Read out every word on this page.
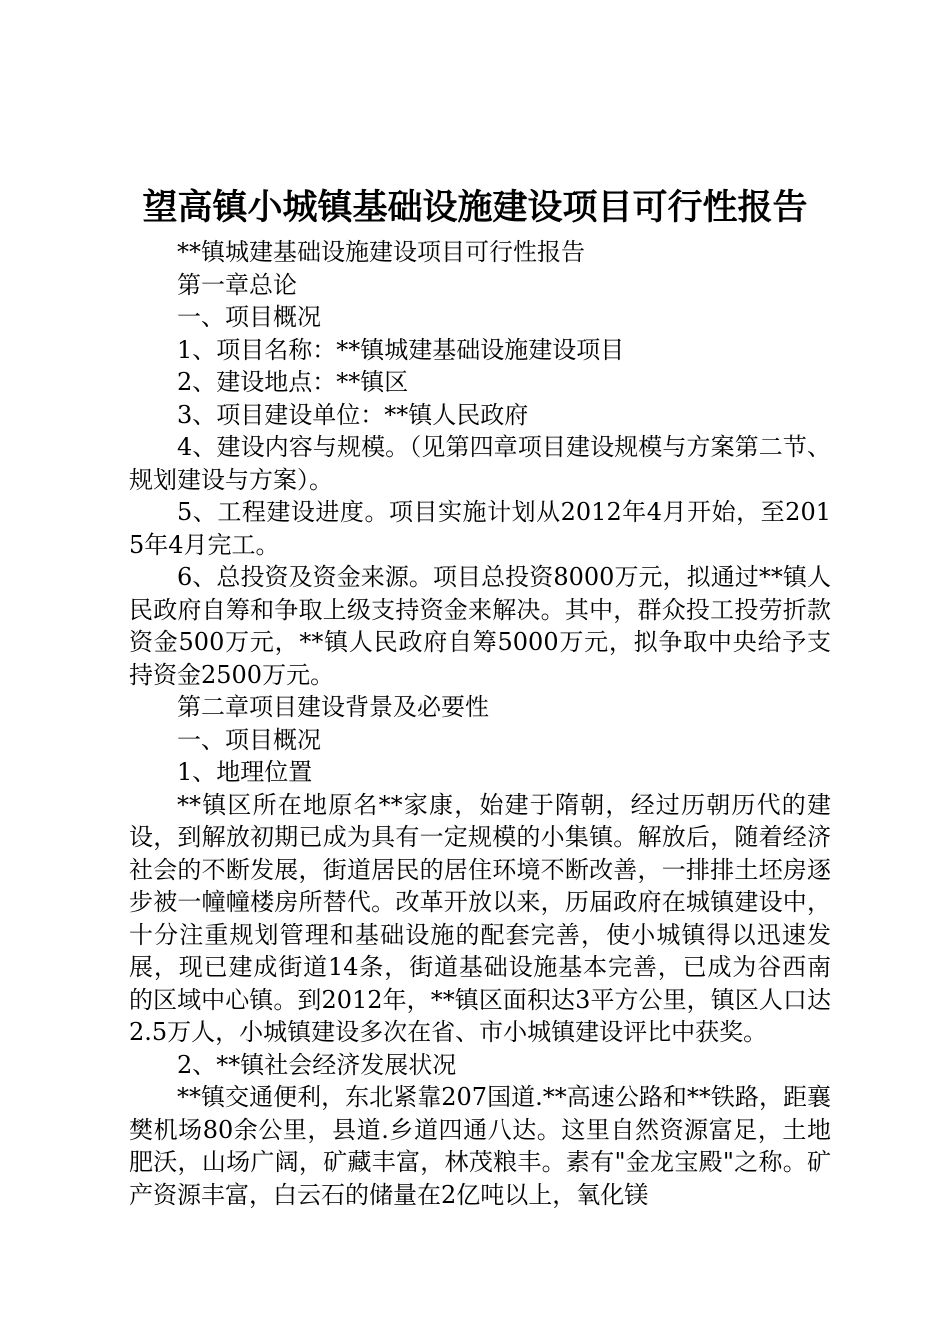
望高镇小城镇基础设施建设项目可行性报告

**镇城建基础设施建设项目可行性报告

第一章总论

一、项目概况

1、项目名称：**镇城建基础设施建设项目

2、建设地点：**镇区

3、项目建设单位：**镇人民政府

4、建设内容与规模。（见第四章项目建设规模与方案第二节、规划建设与方案）。

5、工程建设进度。项目实施计划从2012年4月开始，至2015年4月完工。

6、总投资及资金来源。项目总投资8000万元，拟通过**镇人民政府自筹和争取上级支持资金来解决。其中，群众投工投劳折款资金500万元，**镇人民政府自筹5000万元，拟争取中央给予支持资金2500万元。

第二章项目建设背景及必要性

一、项目概况

1、地理位置

**镇区所在地原名**家康，始建于隋朝，经过历朝历代的建设，到解放初期已成为具有一定规模的小集镇。解放后，随着经济社会的不断发展，街道居民的居住环境不断改善，一排排土坯房逐步被一幢幢楼房所替代。改革开放以来，历届政府在城镇建设中，十分注重规划管理和基础设施的配套完善，使小城镇得以迅速发展，现已建成街道14条，街道基础设施基本完善，已成为谷西南的区域中心镇。到2012年，**镇区面积达3平方公里，镇区人口达2.5万人，小城镇建设多次在省、市小城镇建设评比中获奖。

2、**镇社会经济发展状况

**镇交通便利，东北紧靠207国道.**高速公路和**铁路，距襄樊机场80余公里，县道.乡道四通八达。这里自然资源富足，土地肥沃，山场广阔，矿藏丰富，林茂粮丰。素有"金龙宝殿"之称。矿产资源丰富，白云石的储量在2亿吨以上，氧化镁
